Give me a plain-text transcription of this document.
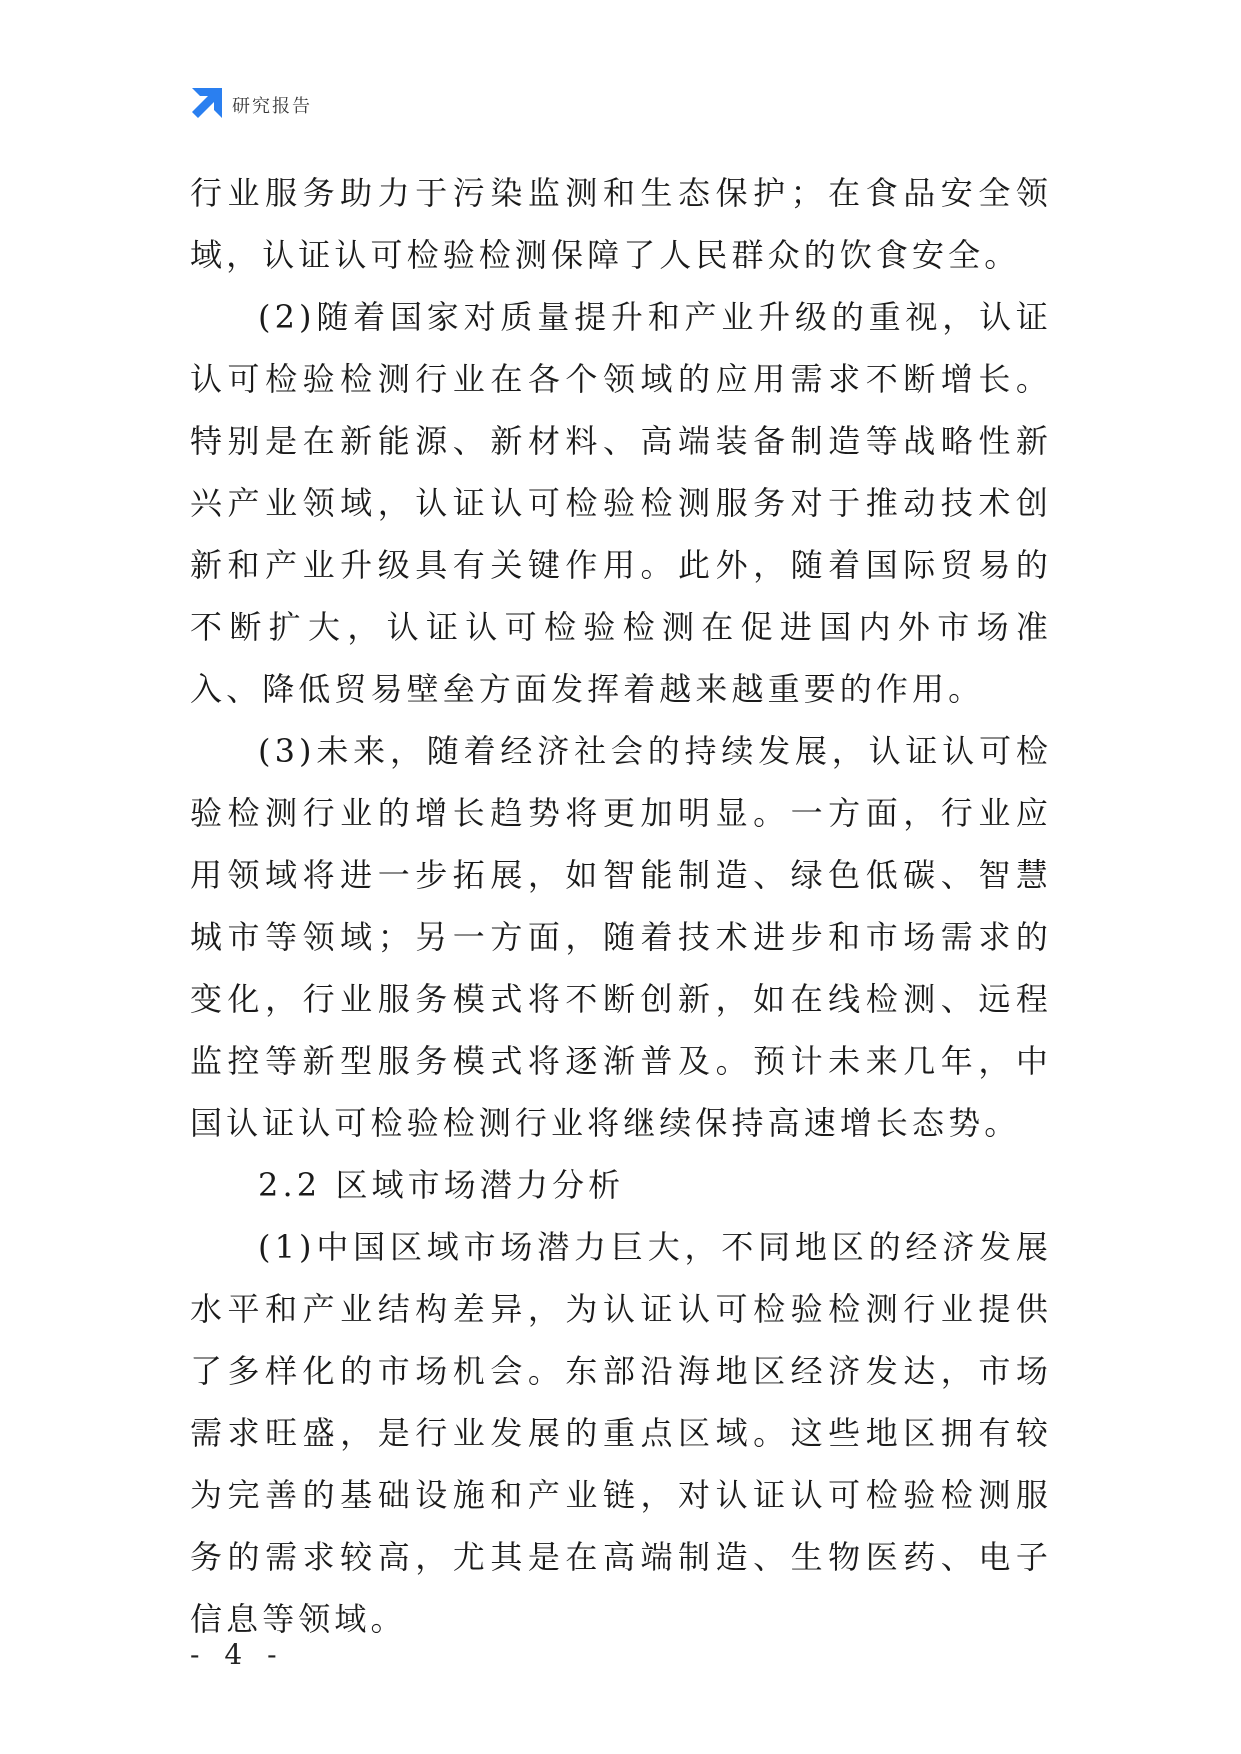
研究报告

行业服务助力于污染监测和生态保护；在食品安全领域，认证认可检验检测保障了人民群众的饮食安全。

(2)随着国家对质量提升和产业升级的重视，认证认可检验检测行业在各个领域的应用需求不断增长。特别是在新能源、新材料、高端装备制造等战略性新兴产业领域，认证认可检验检测服务对于推动技术创新和产业升级具有关键作用。此外，随着国际贸易的不断扩大，认证认可检验检测在促进国内外市场准入、降低贸易壁垒方面发挥着越来越重要的作用。

(3)未来，随着经济社会的持续发展，认证认可检验检测行业的增长趋势将更加明显。一方面，行业应用领域将进一步拓展，如智能制造、绿色低碳、智慧城市等领域；另一方面，随着技术进步和市场需求的变化，行业服务模式将不断创新，如在线检测、远程监控等新型服务模式将逐渐普及。预计未来几年，中国认证认可检验检测行业将继续保持高速增长态势。

2.2 区域市场潜力分析

(1)中国区域市场潜力巨大，不同地区的经济发展水平和产业结构差异，为认证认可检验检测行业提供了多样化的市场机会。东部沿海地区经济发达，市场需求旺盛，是行业发展的重点区域。这些地区拥有较为完善的基础设施和产业链，对认证认可检验检测服务的需求较高，尤其是在高端制造、生物医药、电子信息等领域。

- 4 -
